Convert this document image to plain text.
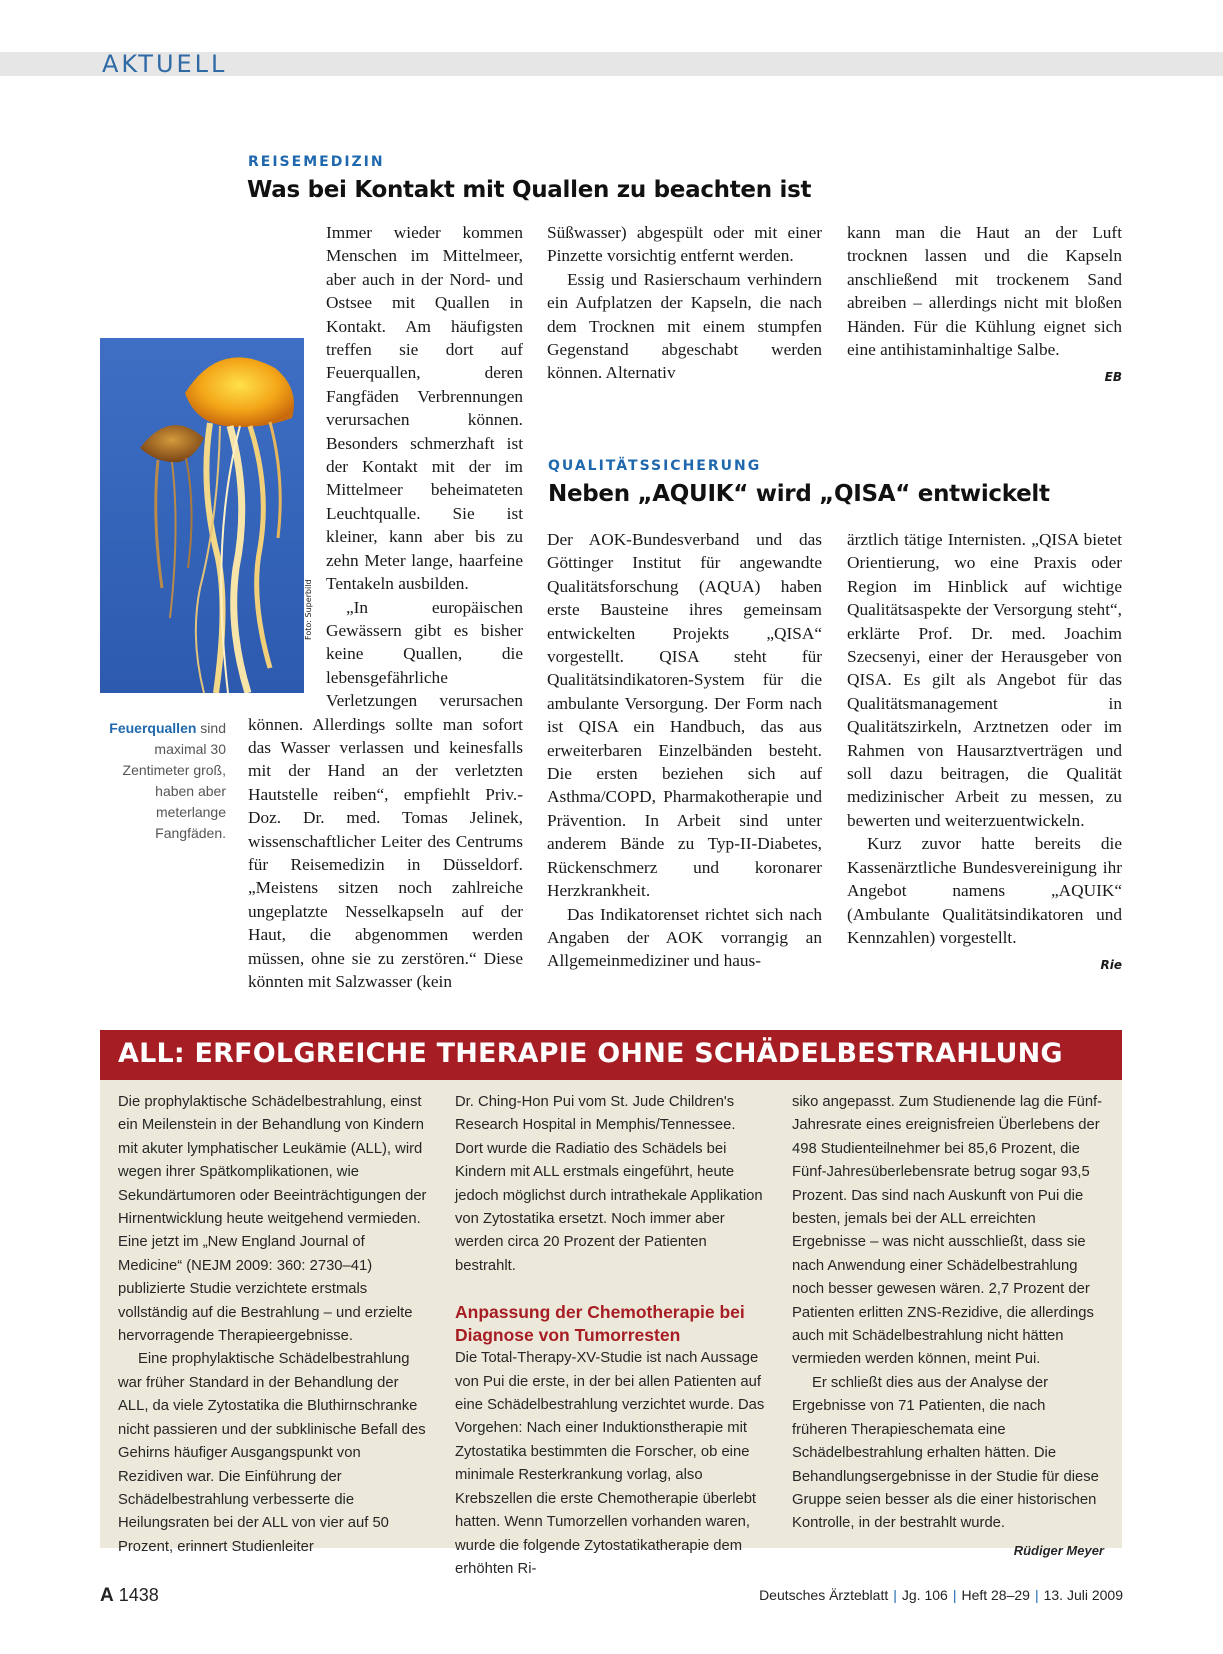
AKTUELL
REISEMEDIZIN
Was bei Kontakt mit Quallen zu beachten ist
Foto: Superbild
Feuerquallen sind maximal 30 Zentimeter groß, haben aber meterlange Fangfäden.

Immer wieder kommen Menschen im Mittelmeer, aber auch in der Nord- und Ostsee mit Quallen in Kontakt. Am häufigsten treffen sie dort auf Feuerquallen, deren Fangfäden Verbrennungen verursachen können. Besonders schmerzhaft ist der Kontakt mit der im Mittelmeer beheimateten Leuchtqualle. Sie ist kleiner, kann aber bis zu zehn Meter lange, haarfeine Tentakeln ausbilden.

„In europäischen Gewässern gibt es bisher keine Quallen, die lebensgefährliche Verletzungen verursachen können. Allerdings sollte man sofort das Wasser verlassen und keinesfalls mit der Hand an der verletzten Hautstelle reiben“, empfiehlt Priv.-Doz. Dr. med. Tomas Jelinek, wissenschaftlicher Leiter des Centrums für Reisemedizin in Düsseldorf. „Meistens sitzen noch zahlreiche ungeplatzte Nesselkapseln auf der Haut, die abgenommen werden müssen, ohne sie zu zerstören.“ Diese könnten mit Salzwasser (kein

Süßwasser) abgespült oder mit einer Pinzette vorsichtig entfernt werden.

Essig und Rasierschaum verhindern ein Aufplatzen der Kapseln, die nach dem Trocknen mit einem stumpfen Gegenstand abgeschabt werden können. Alternativ

kann man die Haut an der Luft trocknen lassen und die Kapseln anschließend mit trockenem Sand abreiben – allerdings nicht mit bloßen Händen. Für die Kühlung eignet sich eine antihistaminhaltige Salbe.

EB
QUALITÄTSSICHERUNG
Neben „AQUIK“ wird „QISA“ entwickelt

Der AOK-Bundesverband und das Göttinger Institut für angewandte Qualitätsforschung (AQUA) haben erste Bausteine ihres gemeinsam entwickelten Projekts „QISA“ vorgestellt. QISA steht für Qualitätsindikatoren-System für die ambulante Versorgung. Der Form nach ist QISA ein Handbuch, das aus erweiterbaren Einzelbänden besteht. Die ersten beziehen sich auf Asthma/COPD, Pharmakotherapie und Prävention. In Arbeit sind unter anderem Bände zu Typ-II-Diabetes, Rückenschmerz und koronarer Herzkrankheit.

Das Indikatorenset richtet sich nach Angaben der AOK vorrangig an Allgemeinmediziner und haus-

ärztlich tätige Internisten. „QISA bietet Orientierung, wo eine Praxis oder Region im Hinblick auf wichtige Qualitätsaspekte der Versorgung steht“, erklärte Prof. Dr. med. Joachim Szecsenyi, einer der Herausgeber von QISA. Es gilt als Angebot für das Qualitätsmanagement in Qualitätszirkeln, Arztnetzen oder im Rahmen von Hausarztverträgen und soll dazu beitragen, die Qualität medizinischer Arbeit zu messen, zu bewerten und weiterzuentwickeln.

Kurz zuvor hatte bereits die Kassenärztliche Bundesvereinigung ihr Angebot namens „AQUIK“ (Ambulante Qualitätsindikatoren und Kennzahlen) vorgestellt.

Rie
ALL: ERFOLGREICHE THERAPIE OHNE SCHÄDELBESTRAHLUNG

Die prophylaktische Schädelbestrahlung, einst ein Meilenstein in der Behandlung von Kindern mit akuter lymphatischer Leukämie (ALL), wird wegen ihrer Spätkomplikationen, wie Sekundärtumoren oder Beeinträchtigungen der Hirnentwicklung heute weitgehend vermieden. Eine jetzt im „New England Journal of Medicine“ (NEJM 2009: 360: 2730–41) publizierte Studie verzichtete erstmals vollständig auf die Bestrahlung – und erzielte hervorragende Therapieergebnisse.

Eine prophylaktische Schädelbestrahlung war früher Standard in der Behandlung der ALL, da viele Zytostatika die Bluthirnschranke nicht passieren und der subklinische Befall des Gehirns häufiger Ausgangspunkt von Rezidiven war. Die Einführung der Schädelbestrahlung verbesserte die Heilungsraten bei der ALL von vier auf 50 Prozent, erinnert Studienleiter

Dr. Ching-Hon Pui vom St. Jude Children's Research Hospital in Memphis/Tennessee. Dort wurde die Radiatio des Schädels bei Kindern mit ALL erstmals eingeführt, heute jedoch möglichst durch intrathekale Applikation von Zytostatika ersetzt. Noch immer aber werden circa 20 Prozent der Patienten bestrahlt.

Anpassung der Chemotherapie bei Diagnose von Tumorresten

Die Total-Therapy-XV-Studie ist nach Aussage von Pui die erste, in der bei allen Patienten auf eine Schädelbestrahlung verzichtet wurde. Das Vorgehen: Nach einer Induktionstherapie mit Zytostatika bestimmten die Forscher, ob eine minimale Resterkrankung vorlag, also Krebszellen die erste Chemotherapie überlebt hatten. Wenn Tumorzellen vorhanden waren, wurde die folgende Zytostatikatherapie dem erhöhten Ri-

siko angepasst. Zum Studienende lag die Fünf-Jahresrate eines ereignisfreien Überlebens der 498 Studienteilnehmer bei 85,6 Prozent, die Fünf-Jahresüberlebensrate betrug sogar 93,5 Prozent. Das sind nach Auskunft von Pui die besten, jemals bei der ALL erreichten Ergebnisse – was nicht ausschließt, dass sie nach Anwendung einer Schädelbestrahlung noch besser gewesen wären. 2,7 Prozent der Patienten erlitten ZNS-Rezidive, die allerdings auch mit Schädelbestrahlung nicht hätten vermieden werden können, meint Pui.

Er schließt dies aus der Analyse der Ergebnisse von 71 Patienten, die nach früheren Therapieschemata eine Schädelbestrahlung erhalten hätten. Die Behandlungsergebnisse in der Studie für diese Gruppe seien besser als die einer historischen Kontrolle, in der bestrahlt wurde.

Rüdiger Meyer
A 1438	Deutsches Ärzteblatt | Jg. 106 | Heft 28–29 | 13. Juli 2009
